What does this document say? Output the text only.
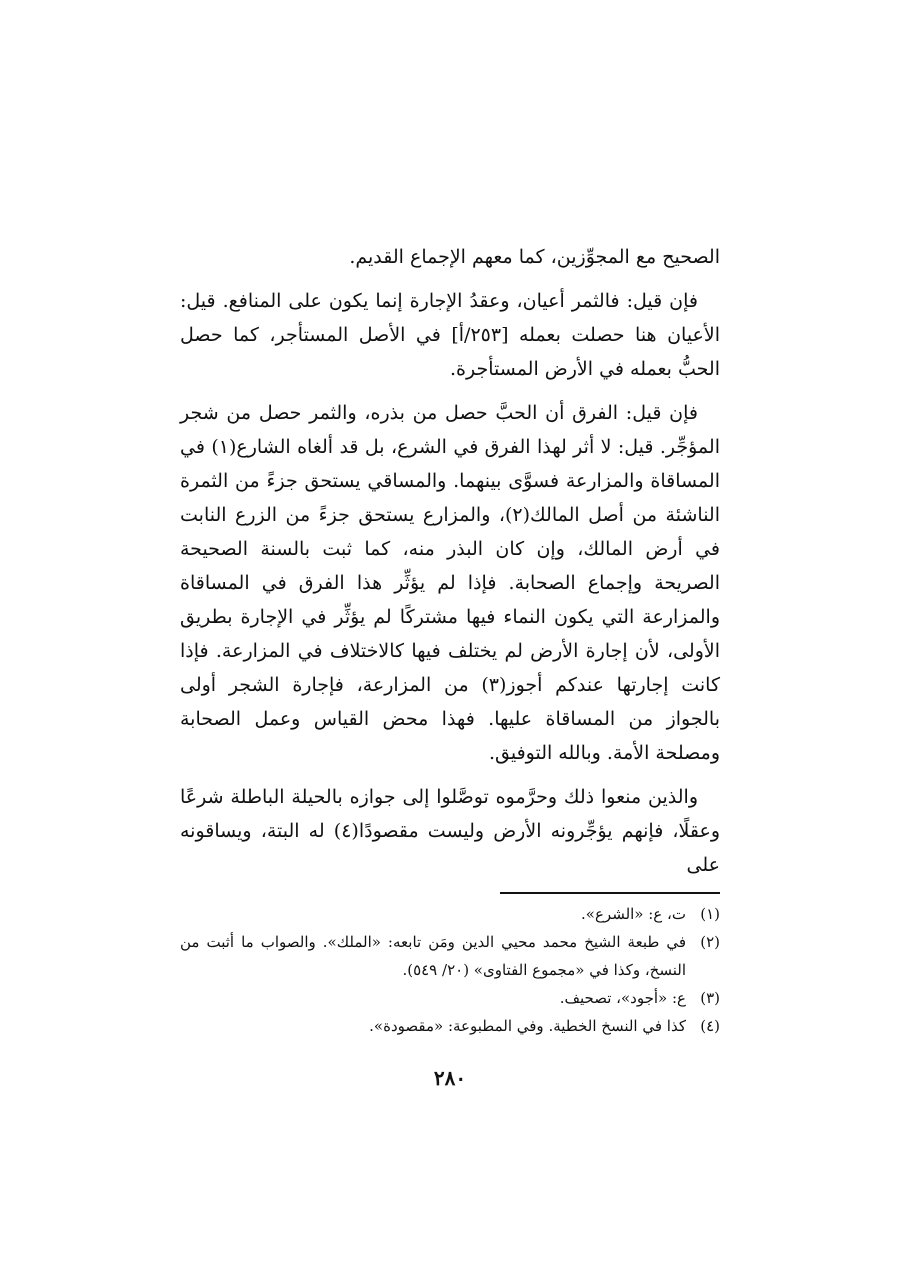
الصحيح مع المجوِّزين، كما معهم الإجماع القديم.

فإن قيل: فالثمر أعيان، وعقدُ الإجارة إنما يكون على المنافع. قيل: الأعيان هنا حصلت بعمله [٢٥٣/أ] في الأصل المستأجر، كما حصل الحبُّ بعمله في الأرض المستأجرة.

فإن قيل: الفرق أن الحبَّ حصل من بذره، والثمر حصل من شجر المؤجِّر. قيل: لا أثر لهذا الفرق في الشرع، بل قد ألغاه الشارع(١) في المساقاة والمزارعة فسوَّى بينهما. والمساقي يستحق جزءً من الثمرة الناشئة من أصل المالك(٢)، والمزارع يستحق جزءً من الزرع النابت في أرض المالك، وإن كان البذر منه، كما ثبت بالسنة الصحيحة الصريحة وإجماع الصحابة. فإذا لم يؤثِّر هذا الفرق في المساقاة والمزارعة التي يكون النماء فيها مشتركًا لم يؤثِّر في الإجارة بطريق الأولى، لأن إجارة الأرض لم يختلف فيها كالاختلاف في المزارعة. فإذا كانت إجارتها عندكم أجوز(٣) من المزارعة، فإجارة الشجر أولى بالجواز من المساقاة عليها. فهذا محض القياس وعمل الصحابة ومصلحة الأمة. وبالله التوفيق.

والذين منعوا ذلك وحرَّموه توصَّلوا إلى جوازه بالحيلة الباطلة شرعًا وعقلًا، فإنهم يؤجِّرونه الأرض وليست مقصودًا(٤) له البتة، ويساقونه على

(١)
ت، ع: «الشرع».
(٢)
في طبعة الشيخ محمد محيي الدين ومَن تابعه: «الملك». والصواب ما أثبت من النسخ، وكذا في «مجموع الفتاوى» (٢٠/ ٥٤٩).
(٣)
ع: «أجود»، تصحيف.
(٤)
كذا في النسخ الخطية. وفي المطبوعة: «مقصودة».
٢٨٠
